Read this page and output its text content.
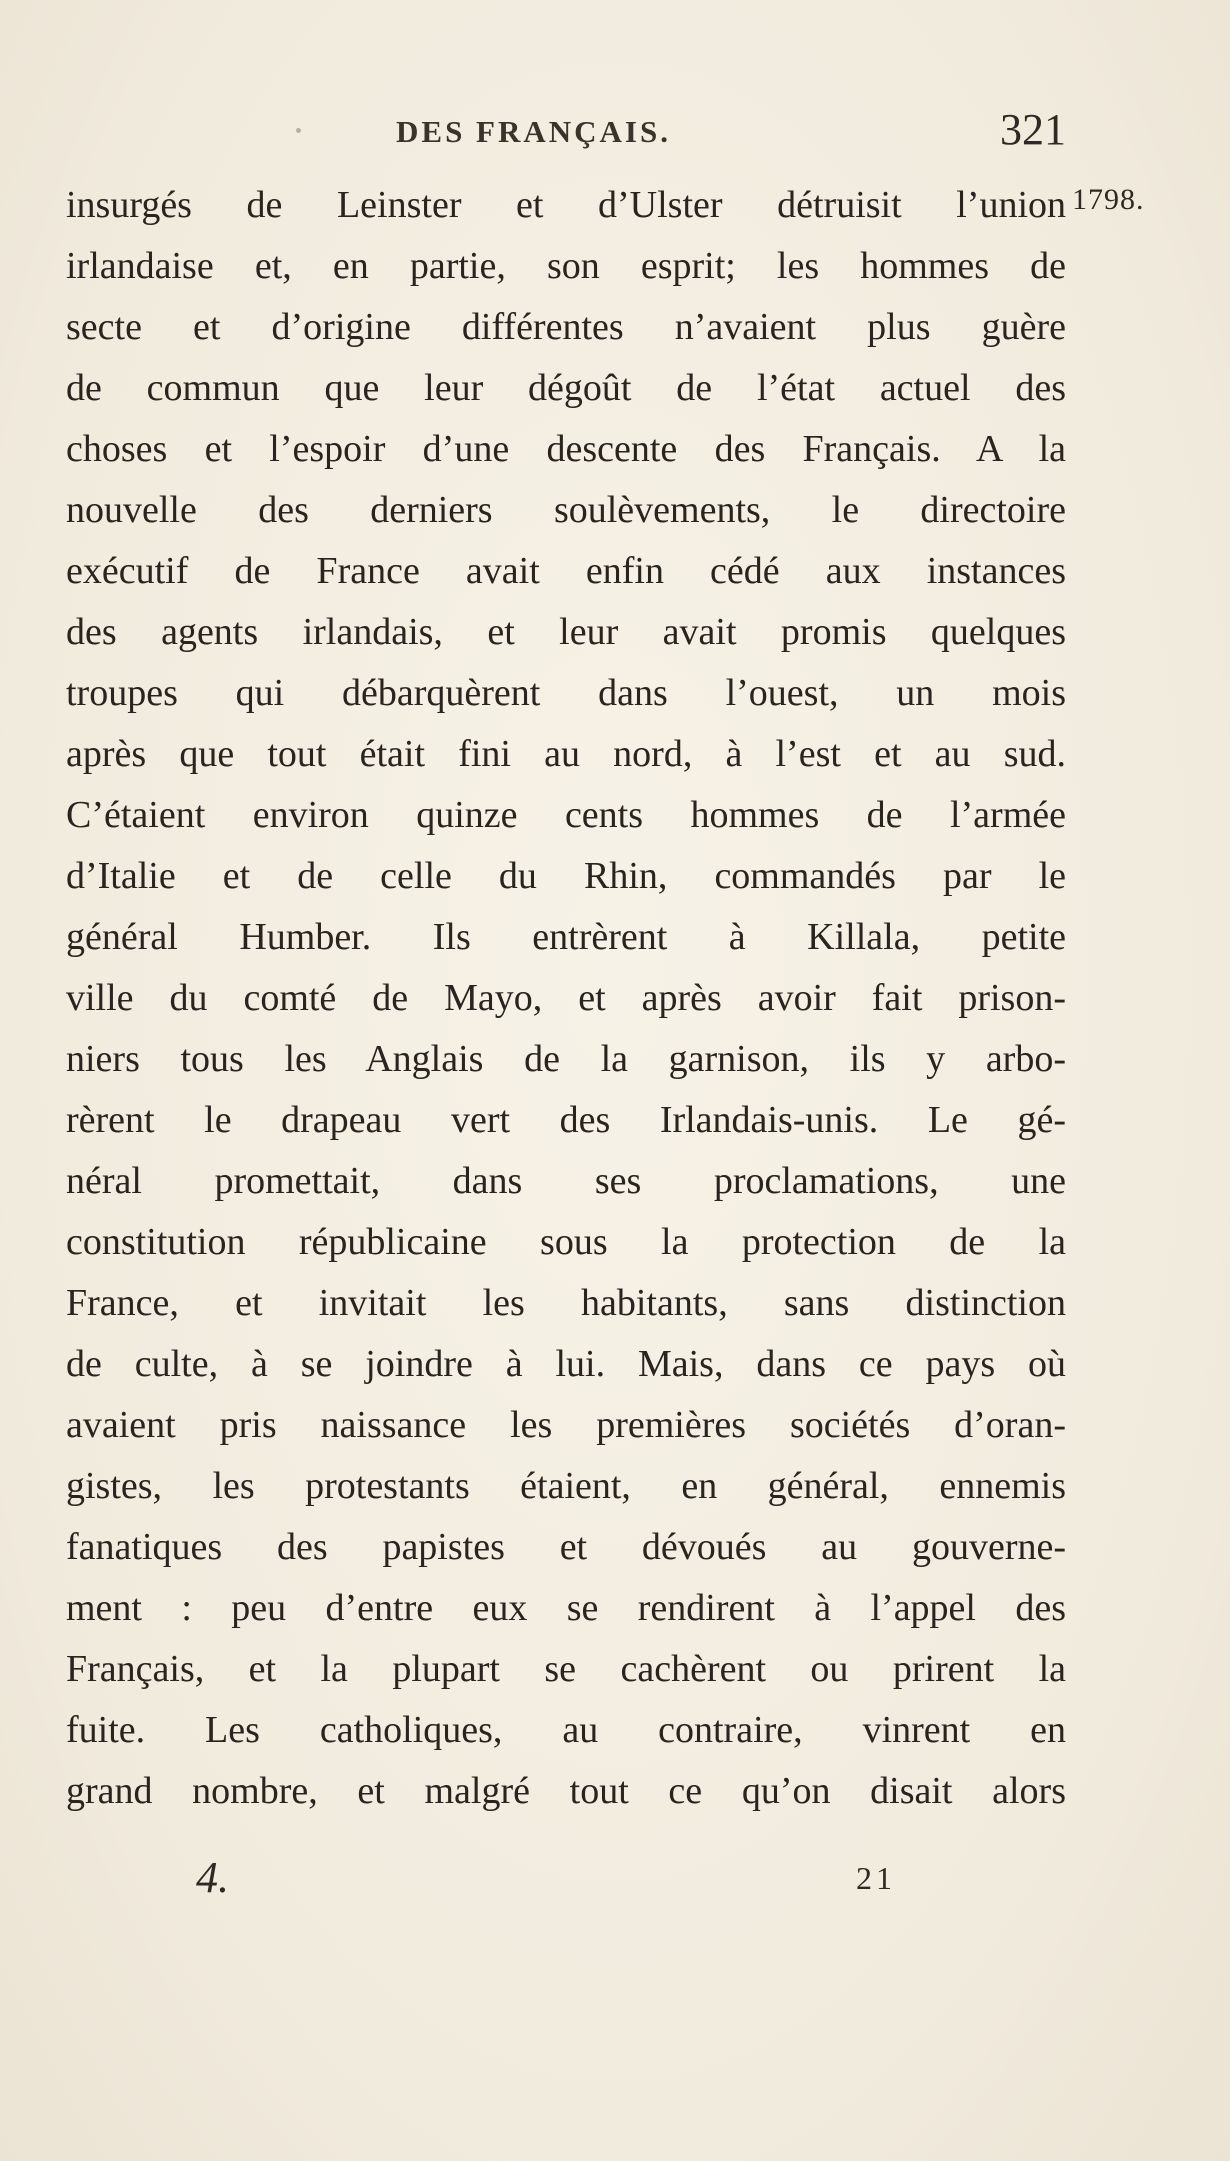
DES FRANÇAIS.	321
1798.
insurgés de Leinster et d’Ulster détruisit l’union
irlandaise et, en partie, son esprit; les hommes de
secte et d’origine différentes n’avaient plus guère
de commun que leur dégoût de l’état actuel des
choses et l’espoir d’une descente des Français. A la
nouvelle des derniers soulèvements, le directoire
exécutif de France avait enfin cédé aux instances
des agents irlandais, et leur avait promis quelques
troupes qui débarquèrent dans l’ouest, un mois
après que tout était fini au nord, à l’est et au sud.
C’étaient environ quinze cents hommes de l’armée
d’Italie et de celle du Rhin, commandés par le
général Humber. Ils entrèrent à Killala, petite
ville du comté de Mayo, et après avoir fait prison-
niers tous les Anglais de la garnison, ils y arbo-
rèrent le drapeau vert des Irlandais-unis. Le gé-
néral promettait, dans ses proclamations, une
constitution républicaine sous la protection de la
France, et invitait les habitants, sans distinction
de culte, à se joindre à lui. Mais, dans ce pays où
avaient pris naissance les premières sociétés d’oran-
gistes, les protestants étaient, en général, ennemis
fanatiques des papistes et dévoués au gouverne-
ment : peu d’entre eux se rendirent à l’appel des
Français, et la plupart se cachèrent ou prirent la
fuite. Les catholiques, au contraire, vinrent en
grand nombre, et malgré tout ce qu’on disait alors
4.	21
